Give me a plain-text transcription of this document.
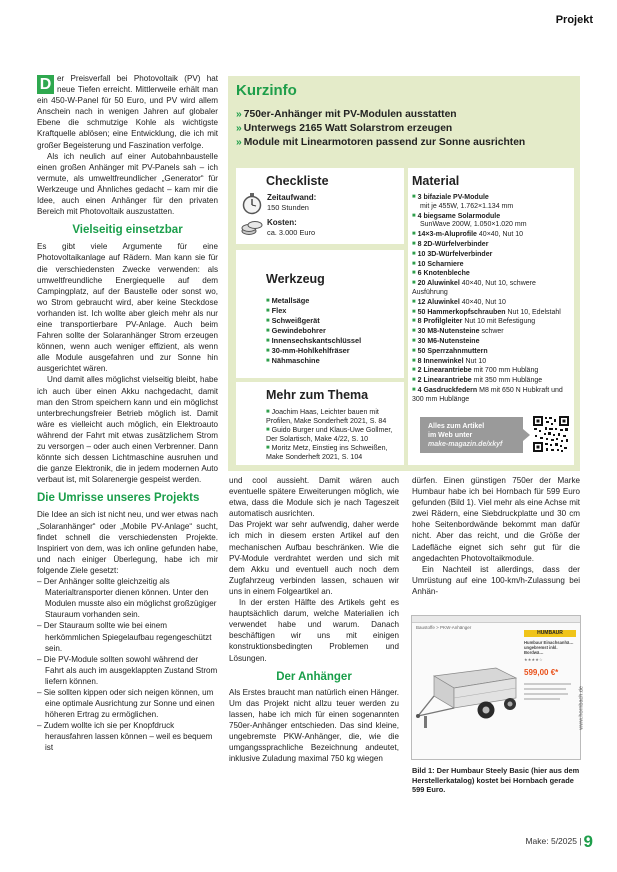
Projekt

D er Preisverfall bei Photovoltaik (PV) hat neue Tiefen erreicht. Mittlerweile erhält man ein 450-W-Panel für 50 Euro, und PV wird allem Anschein nach in wenigen Jahren auf globaler Ebene die schmutzige Kohle als wichtigste Kraftquelle ablösen; eine Entwicklung, die ich mit großer Begeisterung und Faszination verfolge.

Als ich neulich auf einer Autobahnbaustelle einen großen Anhänger mit PV-Panels sah – ich vermute, als umweltfreundlicher „Generator“ für Werkzeuge und Ähnliches gedacht – kam mir die Idee, auch einen Anhänger für den privaten Bereich mit Photovoltaik auszustatten.

Vielseitig einsetzbar

Es gibt viele Argumente für eine Photovoltaikanlage auf Rädern. Man kann sie für die verschiedensten Zwecke verwenden: als umweltfreundliche Energiequelle auf dem Campingplatz, auf der Baustelle oder sonst wo, wo Strom gebraucht wird, aber keine Steckdose vorhanden ist. Ich wollte aber gleich mehr als nur eine transportierbare PV-Anlage. Auch beim Fahren sollte der Solaranhänger Strom erzeugen können, wenn auch weniger effizient, als wenn alle Module ausgefahren und zur Sonne hin ausgerichtet wären.

Und damit alles möglichst vielseitig bleibt, habe ich auch über einen Akku nachgedacht, damit man den Strom speichern kann und ein möglichst unterbrechungsfreier Betrieb möglich ist. Damit wäre es vielleicht auch möglich, ein Elektroauto während der Fahrt mit etwas zusätzlichem Strom zu versorgen – oder auch einen Verbrenner. Dann könnte sich dessen Lichtmaschine ausruhen und die ganze Elektronik, die in jedem modernen Auto verbaut ist, mit Solarenergie gespeist werden.

Die Umrisse unseres Projekts

Die Idee an sich ist nicht neu, und wer etwas nach „Solaranhänger“ oder „Mobile PV-Anlage“ sucht, findet schnell die verschiedensten Projekte. Inspiriert von dem, was ich online gefunden habe, und nach einiger Überlegung, habe ich mir folgende Ziele gesetzt:

– Der Anhänger sollte gleichzeitig als Materialtransporter dienen können. Unter den Modulen musste also ein möglichst großzügiger Stauraum vorhanden sein.
– Der Stauraum sollte wie bei einem herkömmlichen Spiegelaufbau regengeschützt sein.
– Die PV-Module sollten sowohl während der Fahrt als auch im ausgeklappten Zustand Strom liefern können.
– Sie sollten kippen oder sich neigen können, um eine optimale Ausrichtung zur Sonne und einen höheren Ertrag zu ermöglichen.
– Zudem wollte ich sie per Knopfdruck herausfahren lassen können – weil es bequem ist
Kurzinfo
» 750er-Anhänger mit PV-Modulen ausstatten
» Unterwegs 2165 Watt Solarstrom erzeugen
» Module mit Linearmotoren passend zur Sonne ausrichten
Checkliste
Zeitaufwand:
150 Stunden
Kosten:
ca. 3.000 Euro
Werkzeug
■ Metallsäge
■ Flex
■ Schweißgerät
■ Gewindebohrer
■ Innensechskantschlüssel
■ 30-mm-Hohlkehlfräser
■ Nähmaschine
Mehr zum Thema
■ Joachim Haas, Leichter bauen mit Profilen, Make Sonderheft 2021, S. 84
■ Guido Burger und Klaus-Uwe Gollmer, Der Solartisch, Make 4/22, S. 10
■ Moritz Metz, Einstieg ins Schweißen, Make Sonderheft 2021, S. 104
Material
■ 3 bifaziale PV-Module
mit je 455W, 1.762×1.134 mm
■ 4 biegsame Solarmodule
SunWave 200W, 1.050×1.020 mm
■ 14×3-m-Aluprofile 40×40, Nut 10
■ 8 2D-Würfelverbinder
■ 10 3D-Würfelverbinder
■ 10 Scharniere
■ 6 Knotenbleche
■ 20 Aluwinkel 40×40, Nut 10, schwere Ausführung
■ 12 Aluwinkel 40×40, Nut 10
■ 50 Hammerkopfschrauben Nut 10, Edelstahl
■ 8 Profilgleiter Nut 10 mit Befestigung
■ 30 M8-Nutensteine schwer
■ 30 M6-Nutensteine
■ 50 Sperrzahnmuttern
■ 8 Innenwinkel Nut 10
■ 2 Linearantriebe mit 700 mm Hubläng
■ 2 Linearantriebe mit 350 mm Hublänge
■ 4 Gasdruckfedern M8 mit 650 N Hubkraft und 300 mm Hublänge
Alles zum Artikel
im Web unter
make-magazin.de/xkyf

und cool aussieht. Damit wären auch eventuelle spätere Erweiterungen möglich, wie etwa, dass die Module sich je nach Tageszeit automatisch ausrichten.

Das Projekt war sehr aufwendig, daher werde ich mich in diesem ersten Artikel auf den mechanischen Aufbau beschränken. Wie die PV-Module verdrahtet werden und sich mit dem Akku und eventuell auch noch dem Zugfahrzeug verbinden lassen, schauen wir uns in einem Folgeartikel an.

In der ersten Hälfte des Artikels geht es hauptsächlich darum, welche Materialien ich verwendet habe und warum. Danach beschäftigen wir uns mit einigen konstruktionsbedingten Problemen und Lösungen.

Der Anhänger

Als Erstes braucht man natürlich einen Hänger. Um das Projekt nicht allzu teuer werden zu lassen, habe ich mich für einen sogenannten 750er-Anhänger entschieden. Das sind kleine, ungebremste PKW-Anhänger, die, wie die umgangssprachliche Bezeichnung andeutet, inklusive Zuladung maximal 750 kg wiegen

dürfen. Einen günstigen 750er der Marke Humbaur habe ich bei Hornbach für 599 Euro gefunden (Bild 1). Viel mehr als eine Achse mit zwei Rädern, eine Siebdruckplatte und 30 cm hohe Seitenbordwände bekommt man dafür nicht. Aber das reicht, und die Größe der Ladefläche eignet sich sehr gut für die angedachten Photovoltaikmodule.

Ein Nachteil ist allerdings, dass der Umrüstung auf eine 100-km/h-Zulassung bei Anhän-

Baustoffe > PKW-Anhänger
HUMBAUR
Humbaur Einachsanhä… ungebremst inkl. Bordwä…
★★★★☆
599,00 €*
www.hornbach.de
Bild 1: Der Humbaur Steely Basic (hier aus dem Herstellerkatalog) kostet bei Hornbach gerade 599 Euro.
Make: 5/2025 | 9
